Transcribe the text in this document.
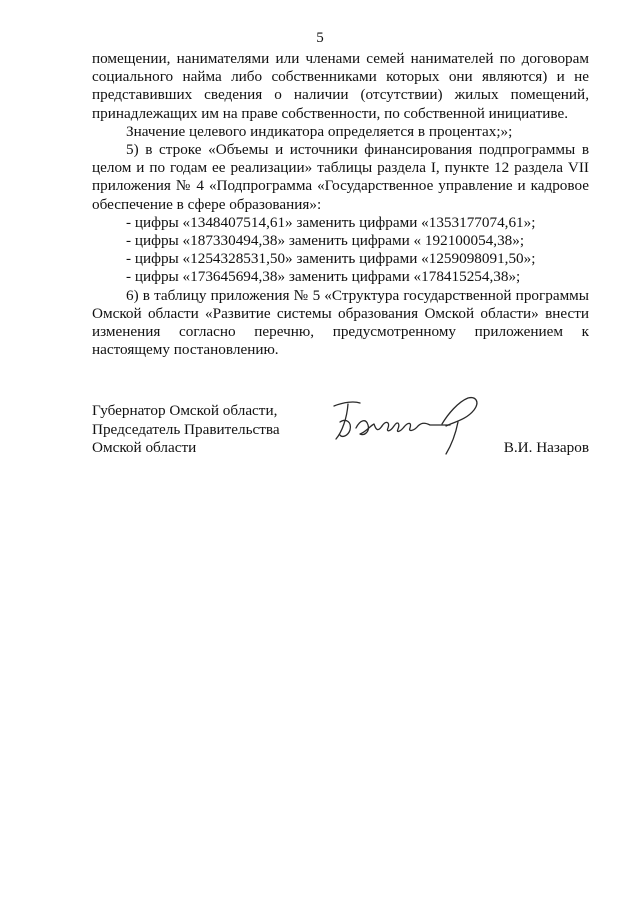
5

помещении, нанимателями или членами семей нанимателей по договорам социального найма либо собственниками которых они являются) и не представивших сведения о наличии (отсутствии) жилых помещений, принадлежащих им на праве собственности, по собственной инициативе.

Значение целевого индикатора определяется в процентах;»;

5) в строке «Объемы и источники финансирования подпрограммы в целом и по годам ее реализации» таблицы раздела I, пункте 12 раздела VII приложения № 4 «Подпрограмма «Государственное управление и кадровое обеспечение в сфере образования»:

- цифры «1348407514,61» заменить цифрами «1353177074,61»;

- цифры «187330494,38» заменить цифрами « 192100054,38»;

- цифры «1254328531,50» заменить цифрами «1259098091,50»;

- цифры «173645694,38» заменить цифрами «178415254,38»;

6) в таблицу приложения № 5 «Структура государственной программы Омской области «Развитие системы образования Омской области» внести изменения согласно перечню, предусмотренному приложением к настоящему постановлению.

Губернатор Омской области,
Председатель Правительства
Омской области	В.И. Назаров
